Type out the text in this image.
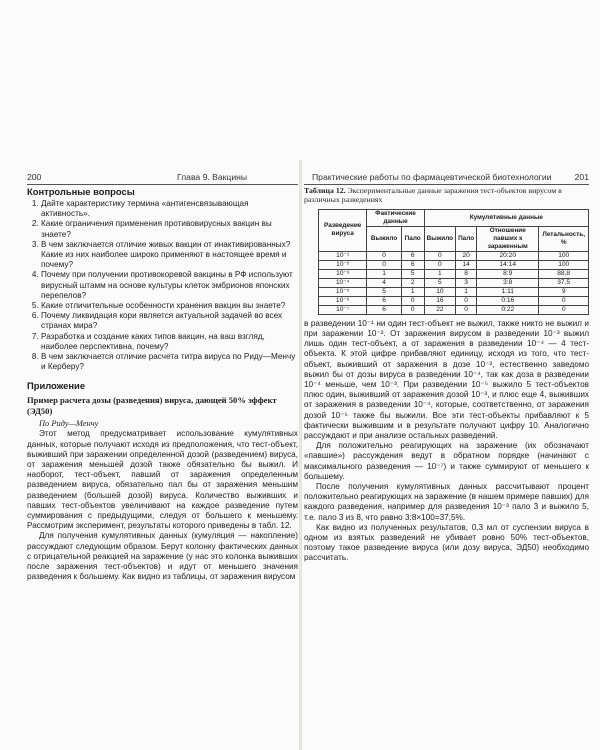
200	Глава 9. Вакцины	Практические работы по фармацевтической биотехнологии	201
Контрольные вопросы
1. Дайте характеристику термина «антигенсвязывающая активность».
2. Какие ограничения применения противовирусных вакцин вы знаете?
3. В чем заключается отличие живых вакцин от инактивированных? Какие из них наиболее широко применяют в настоящее время и почему?
4. Почему при получении противокоревой вакцины в РФ используют вирусный штамм на основе культуры клеток эмбрионов японских перепелов?
5. Какие отличительные особенности хранения вакцин вы знаете?
6. Почему ликвидация кори является актуальной задачей во всех странах мира?
7. Разработка и создание каких типов вакцин, на ваш взгляд, наиболее перспективна, почему?
8. В чем заключается отличие расчета титра вируса по Риду—Менчу и Керберу?
Приложение
Пример расчета дозы (разведения) вируса, дающей 50% эффект (ЭД50)
По Риду—Менчу

Этот метод предусматривает использование кумулятивных данных, которые получают исходя из предположения, что тест-объект, выживший при заражении определенной дозой (разведением) вируса, от заражения меньшей дозой также обязательно бы выжил. И наоборот, тест-объект, павший от заражения определенным разведением вируса, обязательно пал бы от заражения меньшим разведением (большей дозой) вируса. Количество выживших и павших тест-объектов увеличивают на каждое разведение путем суммирования с предыдущими, следуя от большего к меньшему. Рассмотрим эксперимент, результаты которого приведены в табл. 12.

Для получения кумулятивных данных (кумуляция — накопление) рассуждают следующим образом. Берут колонку фактических данных с отрицательной реакцией на заражение (у нас это колонка выживших после заражения тест-объектов) и идут от меньшего значения разведения к большему. Как видно из таблицы, от заражения вирусом

Таблица 12. Экспериментальные данные заражения тест-объектов вирусом в различных разведениях

Разведение вируса	Фактические данные		Кумулятивные данные			
	Выжило	Пало	Выжило	Пало	Отношение павших к зараженным	Летальность, %
10⁻¹	0	6	0	20	20:20	100
10⁻²	0	6	0	14	14:14	100
10⁻³	1	5	1	8	8:9	88,8
10⁻⁴	4	2	5	3	3:8	37,5
10⁻⁵	5	1	10	1	1:11	9
10⁻⁶	6	0	16	0	0:16	0
10⁻⁷	6	0	22	0	0:22	0

в разведении 10⁻¹ ни один тест-объект не выжил, также никто не выжил и при заражении 10⁻². От заражения вирусом в разведении 10⁻³ выжил лишь один тест-объект, а от заражения в разведении 10⁻⁴ — 4 тест-объекта. К этой цифре прибавляют единицу, исходя из того, что тест-объект, выживший от заражения в дозе 10⁻³, естественно заведомо выжил бы от дозы вируса в разведении 10⁻⁴, так как доза в разведении 10⁻⁴ меньше, чем 10⁻³. При разведении 10⁻⁵ выжило 5 тест-объектов плюс один, выживший от заражения дозой 10⁻³, и плюс еще 4, выживших от заражения в разведении 10⁻⁴, которые, соответственно, от заражения дозой 10⁻⁵ также бы выжили. Все эти тест-объекты прибавляют к 5 фактически выжившим и в результате получают цифру 10. Аналогично рассуждают и при анализе остальных разведений.

Для положительно реагирующих на заражение (их обозначают «павшие») рассуждения ведут в обратном порядке (начинают с максимального разведения — 10⁻⁷) и также суммируют от меньшего к большему.

После получения кумулятивных данных рассчитывают процент положительно реагирующих на заражение (в нашем примере павших) для каждого разведения, например для разведения 10⁻³ пало 3 и выжило 5, т.е. пало 3 из 8, что равно 3:8×100=37,5%.

Как видно из полученных результатов, 0,3 мл от суспензии вируса в одном из взятых разведений не убивает ровно 50% тест-объектов, поэтому такое разведение вируса (или дозу вируса, ЭД50) необходимо рассчитать.
